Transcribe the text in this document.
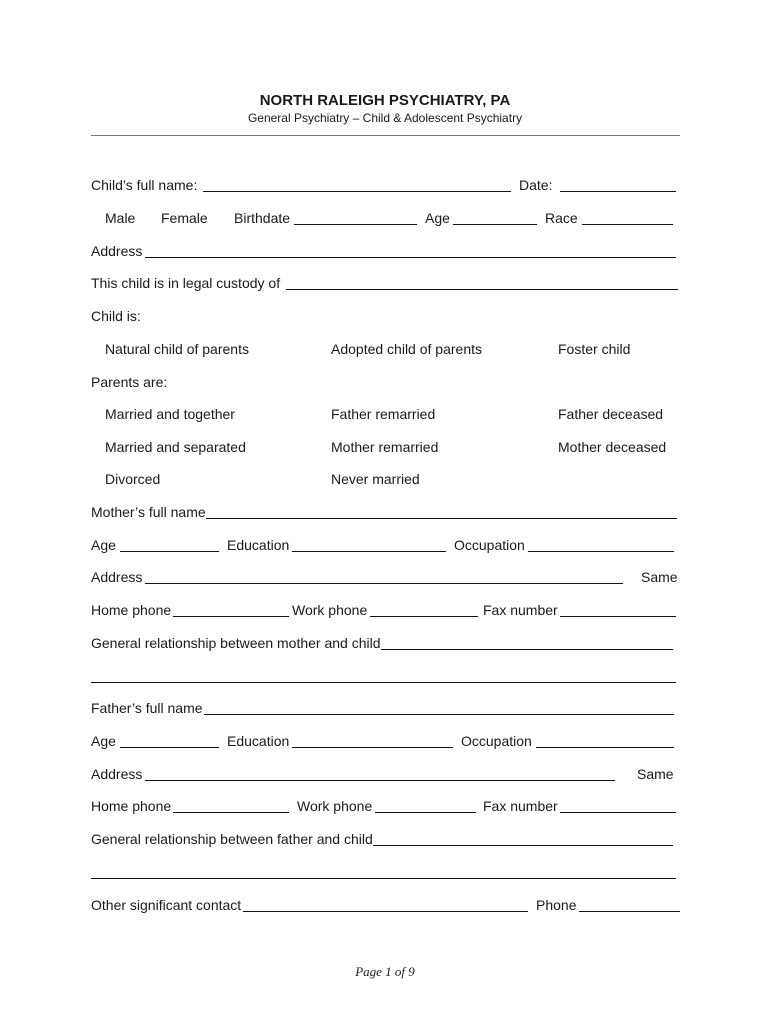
NORTH RALEIGH PSYCHIATRY, PA
General Psychiatry – Child & Adolescent Psychiatry
Child’s full name:	Date:
Male Female Birthdate	Age	Race
Address
This child is in legal custody of
Child is:
Natural child of parents	Adopted child of parents	Foster child
Parents are:
Married and together	Father remarried	Father deceased
Married and separated	Mother remarried	Mother deceased
Divorced	Never married
Mother’s full name
Age	Education	Occupation
Address	Same
Home phone	Work phone	Fax number
General relationship between mother and child
Father’s full name
Age	Education	Occupation
Address	Same
Home phone	Work phone	Fax number
General relationship between father and child
Other significant contact	Phone
Page 1 of 9
